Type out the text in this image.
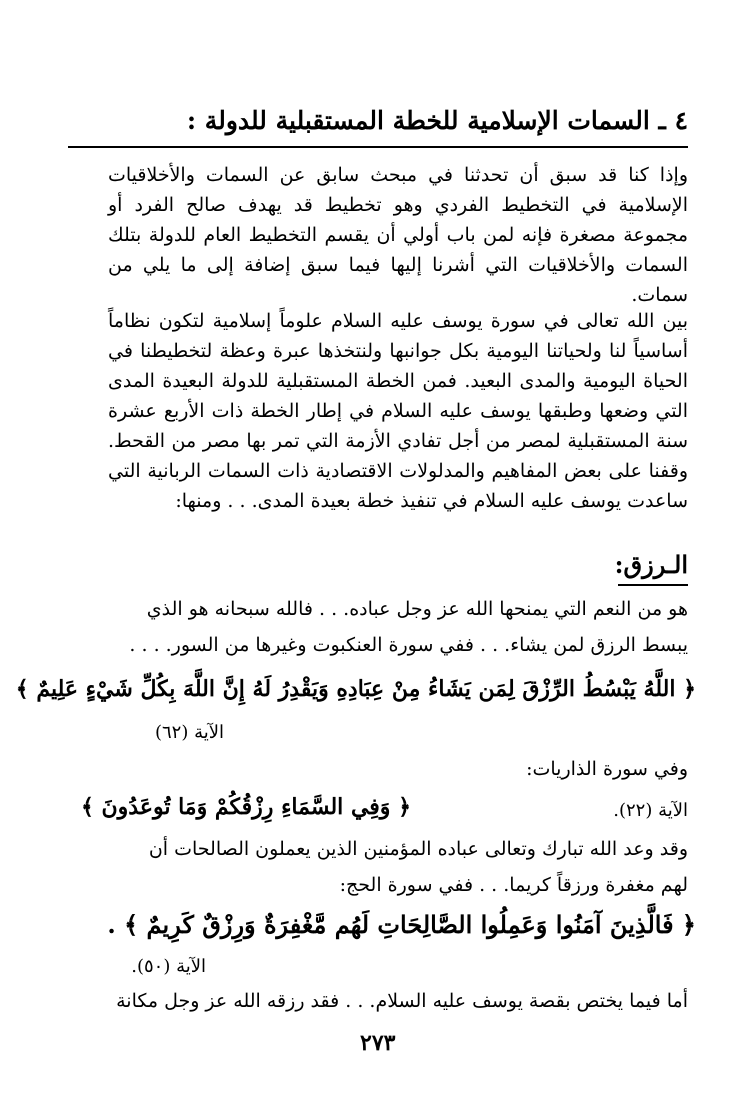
٤ ـ السمات الإسلامية للخطة المستقبلية للدولة :
وإذا كنا قد سبق أن تحدثنا في مبحث سابق عن السمات والأخلاقيات الإسلامية في التخطيط الفردي وهو تخطيط قد يهدف صالح الفرد أو مجموعة مصغرة فإنه لمن باب أولي أن يقسم التخطيط العام للدولة بتلك السمات والأخلاقيات التي أشرنا إليها فيما سبق إضافة إلى ما يلي من سمات.
بين الله تعالى في سورة يوسف عليه السلام علوماً إسلامية لتكون نظاماً أساسياً لنا ولحياتنا اليومية بكل جوانبها ولنتخذها عبرة وعظة لتخطيطنا في الحياة اليومية والمدى البعيد. فمن الخطة المستقبلية للدولة البعيدة المدى التي وضعها وطبقها يوسف عليه السلام في إطار الخطة ذات الأربع عشرة سنة المستقبلية لمصر من أجل تفادي الأزمة التي تمر بها مصر من القحط. وقفنا على بعض المفاهيم والمدلولات الاقتصادية ذات السمات الربانية التي ساعدت يوسف عليه السلام في تنفيذ خطة بعيدة المدى. . . ومنها:
الـرزق:
هو من النعم التي يمنحها الله عز وجل عباده. . . فالله سبحانه هو الذي
يبسط الرزق لمن يشاء. . . ففي سورة العنكبوت وغيرها من السور. . . .
﴿ اللَّهُ يَبْسُطُ الرِّزْقَ لِمَن يَشَاءُ مِنْ عِبَادِهِ وَيَقْدِرُ لَهُ إِنَّ اللَّهَ بِكُلِّ شَيْءٍ عَلِيمٌ ﴾
الآية (٦٢)
وفي سورة الذاريات:
﴿ وَفِي السَّمَاءِ رِزْقُكُمْ وَمَا تُوعَدُونَ ﴾	الآية (٢٢).
وقد وعد الله تبارك وتعالى عباده المؤمنين الذين يعملون الصالحات أن
لهم مغفرة ورزقاً كريما. . . ففي سورة الحج:
﴿ فَالَّذِينَ آمَنُوا وَعَمِلُوا الصَّالِحَاتِ لَهُم مَّغْفِرَةٌ وَرِزْقٌ كَرِيمٌ ﴾ .
الآية (٥٠).
أما فيما يختص بقصة يوسف عليه السلام. . . فقد رزقه الله عز وجل مكانة
٢٧٣
